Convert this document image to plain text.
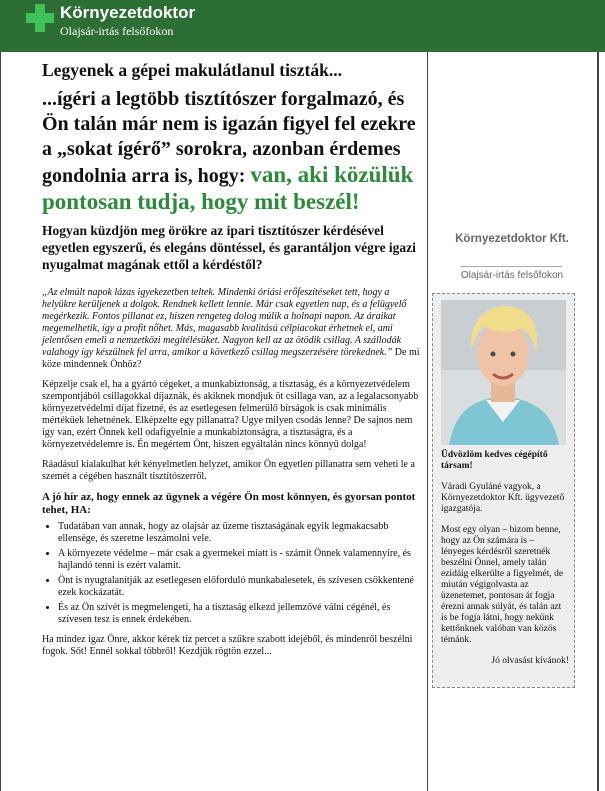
Környezetdoktor
Olajsár-irtás felsőfokon
Legyenek a gépei makulátlanul tiszták...
...ígéri a legtöbb tisztítószer forgalmazó, és Ön talán már nem is igazán figyel fel ezekre a „sokat ígérő” sorokra, azonban érdemes gondolnia arra is, hogy: van, aki közülük pontosan tudja, hogy mit beszél!
Hogyan küzdjön meg örökre az ipari tisztítószer kérdésével egyetlen egyszerű, és elegáns döntéssel, és garantáljon végre igazi nyugalmat magának ettől a kérdéstől?
„Az elmúlt napok lázas igyekezetben teltek. Mindenki óriási erőfeszítéseket tett, hogy a helyükre kerüljenek a dolgok. Rendnek kellett lennie. Már csak egyetlen nap, és a felügyelő megérkezik. Fontos pillanat ez, hiszen rengeteg dolog múlik a holnapi napon. Az áraikat megemelhetik, így a profit nőhet. Más, magasabb kvalitású célpiacokat érhetnek el, ami jelentősen emeli a nemzetközi megítélésüket. Nagyon kell az az ötödik csillag. A szállodák valahogy így készülnek fel arra, amikor a következő csillag megszerzésére törekednek.” De mi köze mindennek Önhöz?
Képzelje csak el, ha a gyártó cégeket, a munkabiztonság, a tisztaság, és a környezetvédelem szempontjából csillagokkal díjaznák, és akiknek mondjuk öt csillaga van, az a legalacsonyabb környezetvédelmi díjat fizetné, és az esetlegesen felmerülő bírságok is csak minimális mértékűek lehetnének. Elképzelte egy pillanatra? Ugye milyen csodás lenne? De sajnos nem így van, ezért Önnek kell odafigyelnie a munkabiztonságra, a tisztaságra, és a környezetvédelemre is. Én megértem Önt, hiszen egyáltalán nincs könnyű dolga!
Ráadásul kialakulhat két kényelmetlen helyzet, amikor Ön egyetlen pillanatra sem veheti le a szemét a cégében használt tisztítószerről.
A jó hír az, hogy ennek az ügynek a végére Ön most könnyen, és gyorsan pontot tehet, HA:
• Tudatában van annak, hogy az olajsár az üzeme tisztaságának egyik legmakacsabb ellensége, és szeretne leszámolni vele.
• A környezete védelme – már csak a gyermekei miatt is - számít Önnek valamennyire, és hajlandó tenni is ezért valamit.
• Önt is nyugtalanítják az esetlegesen előforduló munkabalesetek, és szívesen csökkentené ezek kockázatát.
• És az Ön szívét is megmelengeti, ha a tisztaság elkezd jellemzővé válni cégénél, és szívesen tesz is ennek érdekében.
Ha mindez igaz Önre, akkor kérek tíz percet a szűkre szabott idejéből, és mindenről beszélni fogok. Sőt! Ennél sokkal többről! Kezdjük rögtön ezzel...
Környezetdoktor Kft.
Olajsár-irtás felsőfokon
Üdvözlöm kedves cégépítő társam!
Váradi Gyuláné vagyok, a Környezetdoktor Kft. ügyvezető igazgatója.
Most egy olyan – bizom benne, hogy az Ön számára is – lényeges kérdésről szeretnék beszélni Önnel, amely talán ezidáig elkerülte a figyelmét, de miután végigolvasta az üzenetemet, pontosan át fogja érezni annak súlyát, és talán azt is be fogja látni, hogy nekünk kettőnknek valóban van közös témánk.
Jó olvasást kívánok!
